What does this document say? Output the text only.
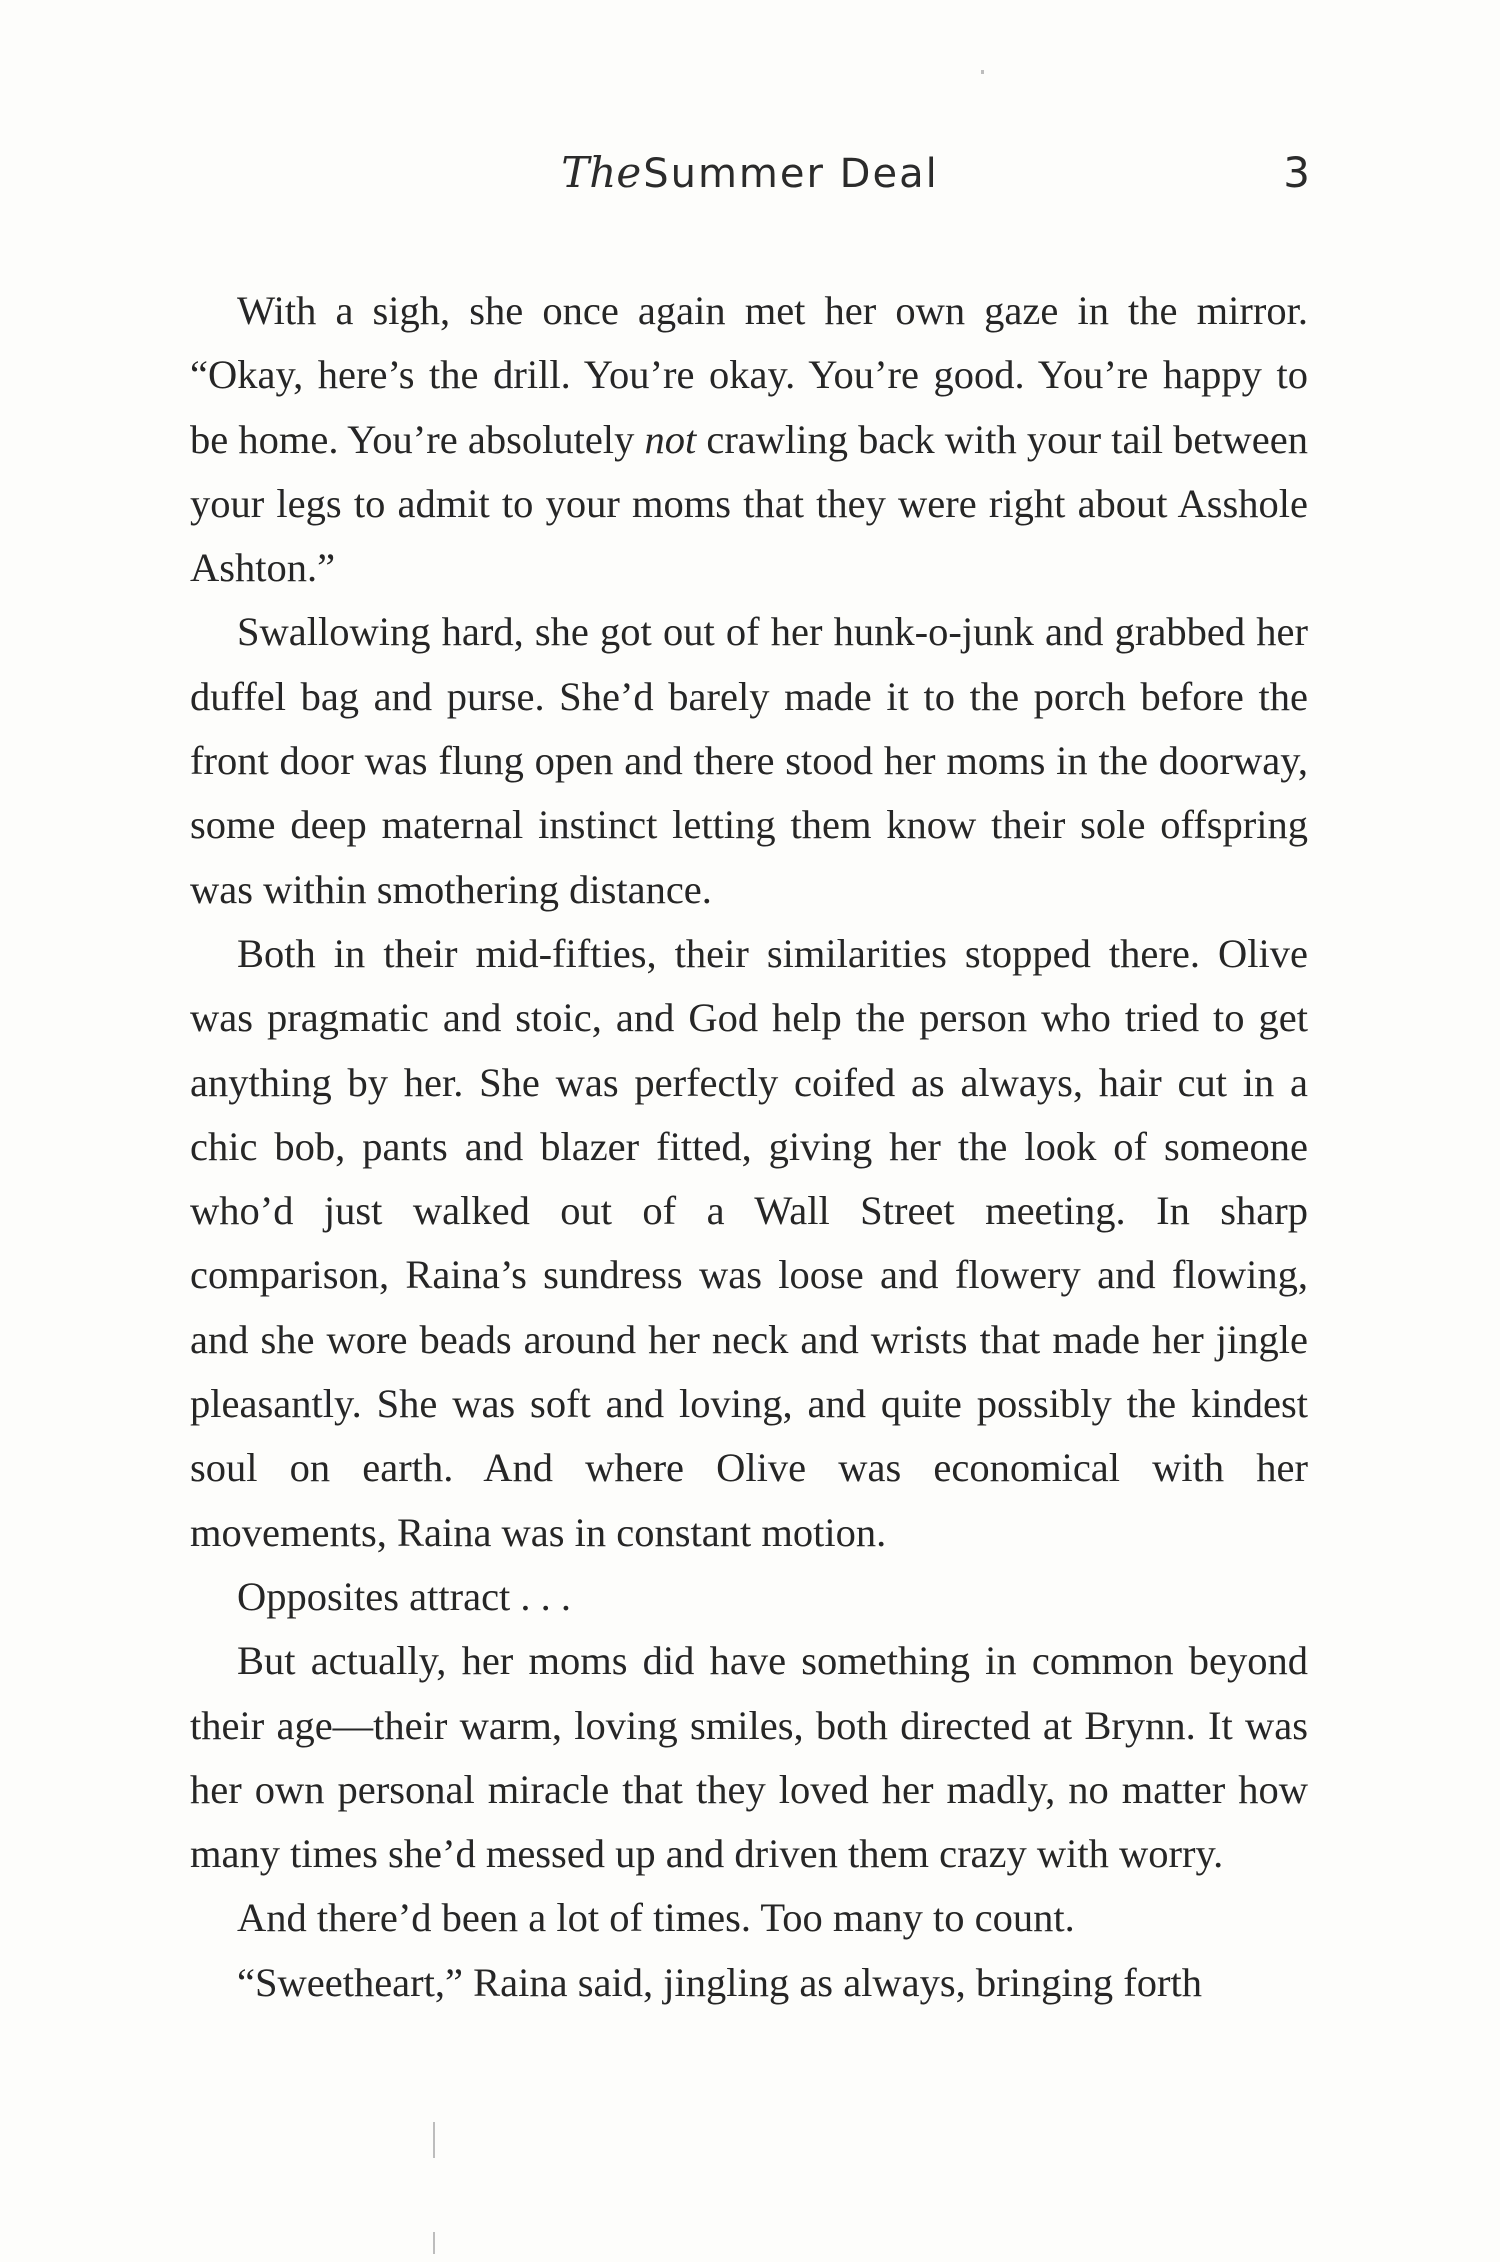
TheSummer Deal	3

With a sigh, she once again met her own gaze in the mirror. “Okay, here’s the drill. You’re okay. You’re good. You’re happy to be home. You’re absolutely not crawling back with your tail between your legs to admit to your moms that they were right about Asshole Ashton.”

Swallowing hard, she got out of her hunk-o-junk and grabbed her duffel bag and purse. She’d barely made it to the porch before the front door was flung open and there stood her moms in the doorway, some deep maternal instinct letting them know their sole offspring was within smothering distance.

Both in their mid-fifties, their similarities stopped there. Olive was pragmatic and stoic, and God help the person who tried to get anything by her. She was perfectly coifed as always, hair cut in a chic bob, pants and blazer fitted, giving her the look of someone who’d just walked out of a Wall Street meeting. In sharp comparison, Raina’s sundress was loose and flowery and flowing, and she wore beads around her neck and wrists that made her jingle pleasantly. She was soft and loving, and quite possibly the kindest soul on earth. And where Olive was economical with her movements, Raina was in constant motion.

Opposites attract . . .

But actually, her moms did have something in common beyond their age—their warm, loving smiles, both directed at Brynn. It was her own personal miracle that they loved her madly, no matter how many times she’d messed up and driven them crazy with worry.

And there’d been a lot of times. Too many to count.

“Sweetheart,” Raina said, jingling as always, bringing forth
